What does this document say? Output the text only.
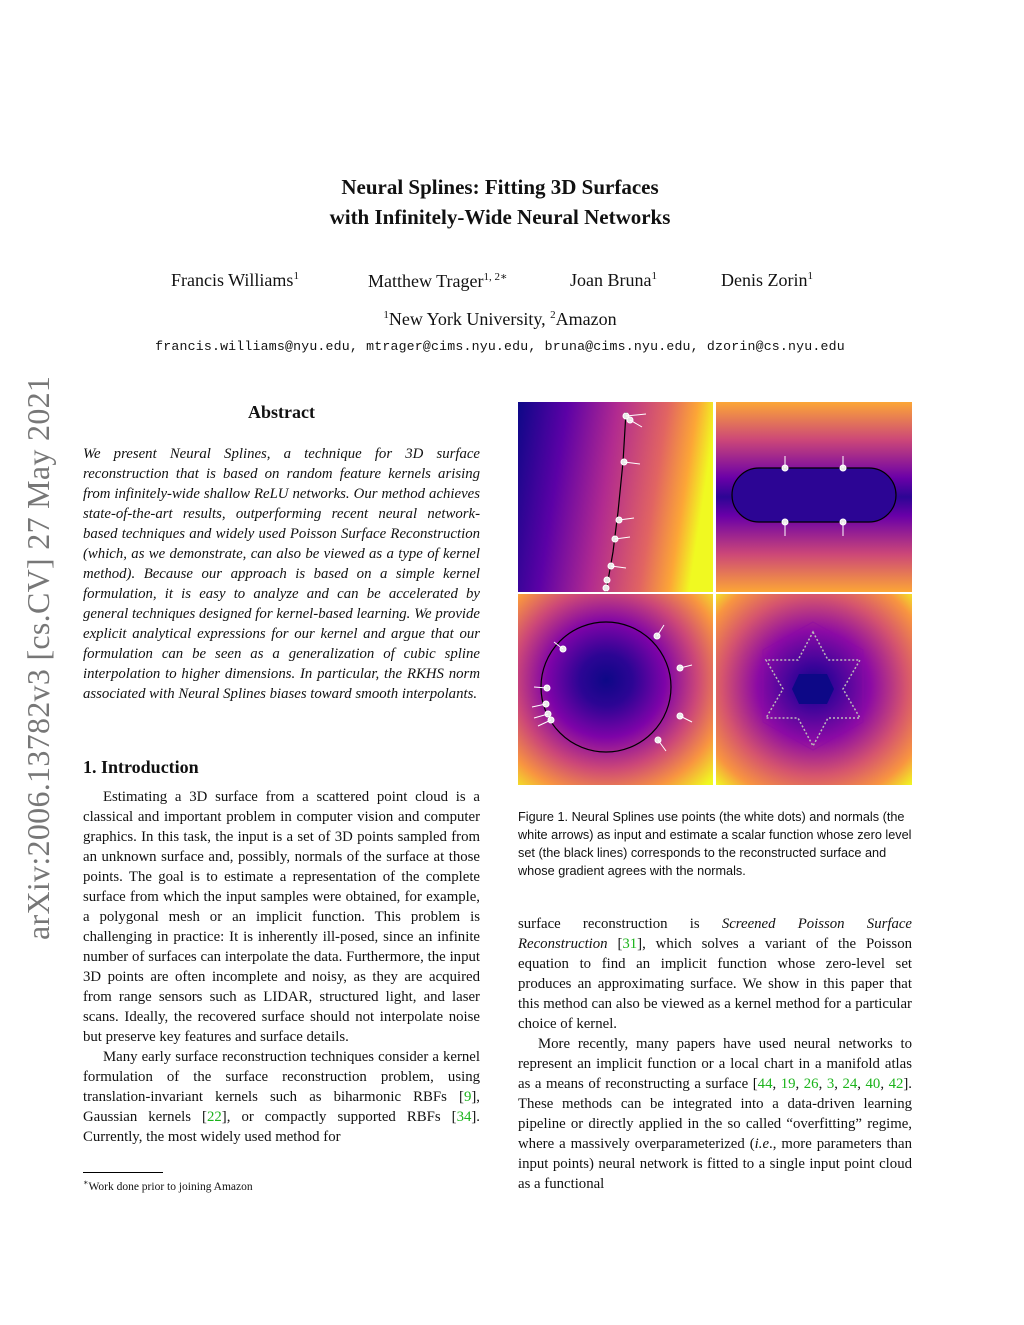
Neural Splines: Fitting 3D Surfaces
with Infinitely-Wide Neural Networks
Francis Williams$^1$	Matthew Trager$^{1, 2∗}$	Joan Bruna$^1$	Denis Zorin$^1$
$^1$New York University, $^2$Amazon
francis.williams@nyu.edu, mtrager@cims.nyu.edu, bruna@cims.nyu.edu, dzorin@cs.nyu.edu
arXiv:2006.13782v3 [cs.CV] 27 May 2021	Abstract
We present Neural Splines, a technique for 3D surface reconstruction that is based on random feature kernels arising from infinitely-wide shallow ReLU networks. Our method achieves state-of-the-art results, outperforming recent neural network-based techniques and widely used Poisson Surface Reconstruction (which, as we demonstrate, can also be viewed as a type of kernel method). Because our approach is based on a simple kernel formulation, it is easy to analyze and can be accelerated by general techniques designed for kernel-based learning. We provide explicit analytical expressions for our kernel and argue that our formulation can be seen as a generalization of cubic spline interpolation to higher dimensions. In particular, the RKHS norm associated with Neural Splines biases toward smooth interpolants.
1. Introduction

Estimating a 3D surface from a scattered point cloud is a classical and important problem in computer vision and computer graphics. In this task, the input is a set of 3D points sampled from an unknown surface and, possibly, normals of the surface at those points. The goal is to estimate a representation of the complete surface from which the input samples were obtained, for example, a polygonal mesh or an implicit function. This problem is challenging in practice: It is inherently ill-posed, since an infinite number of surfaces can interpolate the data. Furthermore, the input 3D points are often incomplete and noisy, as they are acquired from range sensors such as LIDAR, structured light, and laser scans. Ideally, the recovered surface should not interpolate noise but preserve key features and surface details.

Many early surface reconstruction techniques consider a kernel formulation of the surface reconstruction problem, using translation-invariant kernels such as biharmonic RBFs [9], Gaussian kernels [22], or compactly supported RBFs [34]. Currently, the most widely used method for

∗Work done prior to joining Amazon
Figure 1. Neural Splines use points (the white dots) and normals (the white arrows) as input and estimate a scalar function whose zero level set (the black lines) corresponds to the reconstructed surface and whose gradient agrees with the normals.

surface reconstruction is Screened Poisson Surface Reconstruction [31], which solves a variant of the Poisson equation to find an implicit function whose zero-level set produces an approximating surface. We show in this paper that this method can also be viewed as a kernel method for a particular choice of kernel.

More recently, many papers have used neural networks to represent an implicit function or a local chart in a manifold atlas as a means of reconstructing a surface [44, 19, 26, 3, 24, 40, 42]. These methods can be integrated into a data-driven learning pipeline or directly applied in the so called “overfitting” regime, where a massively overparameterized (i.e., more parameters than input points) neural network is fitted to a single input point cloud as a functional
